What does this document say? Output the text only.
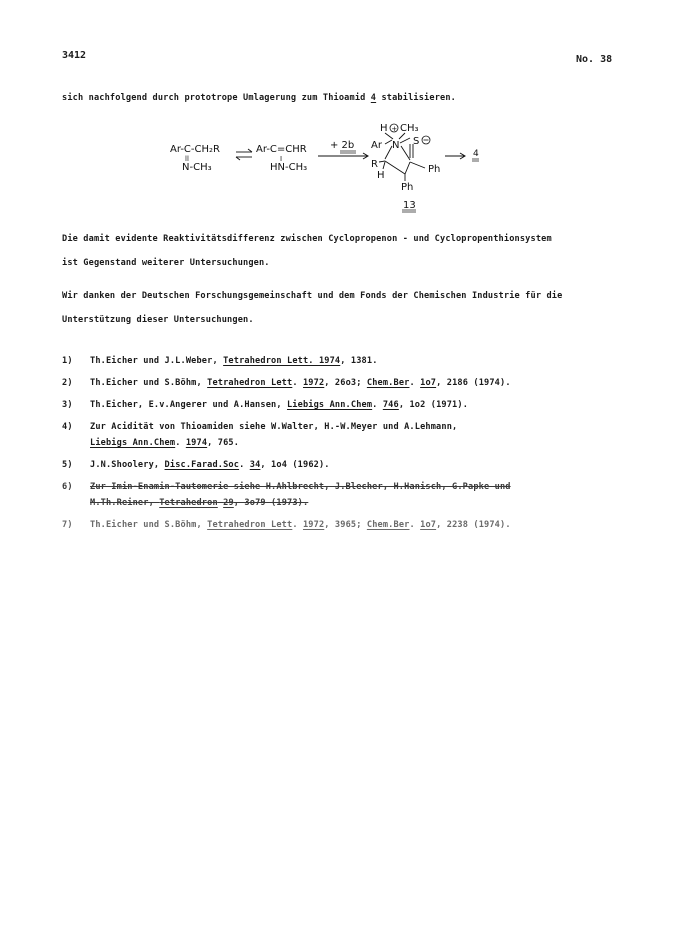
3412	No. 38
sich nachfolgend durch prototrope Umlagerung zum Thioamid 4 stabilisieren.
Ar-C-CH₂R
ll
N-CH₃
Ar-C=CHR
I
HN-CH₃
+ 2b
H + CH₃
N
Ar	S
R
H
Ph
Ph
13
4
Die damit evidente Reaktivitätsdifferenz zwischen Cyclopropenon - und Cyclopropenthionsystem
ist Gegenstand weiterer Untersuchungen.
Wir danken der Deutschen Forschungsgemeinschaft und dem Fonds der Chemischen Industrie für die
Unterstützung dieser Untersuchungen.
1) Th.Eicher und J.L.Weber, Tetrahedron Lett. 1974, 1381.
2) Th.Eicher und S.Böhm, Tetrahedron Lett. 1972, 26o3; Chem.Ber. 1o7, 2186 (1974).
3) Th.Eicher, E.v.Angerer und A.Hansen, Liebigs Ann.Chem. 746, 1o2 (1971).
4) Zur Acidität von Thioamiden siehe W.Walter, H.-W.Meyer und A.Lehmann,
Liebigs Ann.Chem. 1974, 765.
5) J.N.Shoolery, Disc.Farad.Soc. 34, 1o4 (1962).
6) Zur Imin-Enamin-Tautomerie siehe H.Ahlbrecht, J.Blecher, H.Hanisch, G.Papke und
M.Th.Reiner, Tetrahedron 29, 3o79 (1973).
7) Th.Eicher und S.Böhm, Tetrahedron Lett. 1972, 3965; Chem.Ber. 1o7, 2238 (1974).
